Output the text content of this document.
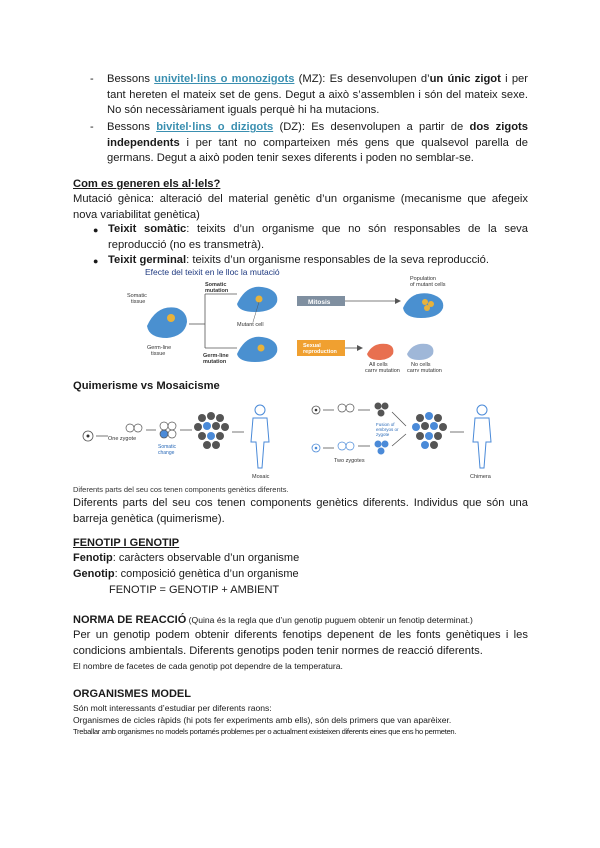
- Bessons univitel·lins o monozigots (MZ): Es desenvolupen d’un únic zigot i per tant hereten el mateix set de gens. Degut a això s’assemblen i són del mateix sexe. No són necessàriament iguals perquè hi ha mutacions.
- Bessons bivitel·lins o dizigots (DZ): Es desenvolupen a partir de dos zigots independents i per tant no comparteixen més gens que qualsevol parella de germans. Degut a això poden tenir sexes diferents i poden no semblar-se.
Com es generen els al·lels?
Mutació gènica: alteració del material genètic d’un organisme (mecanisme que afegeix nova variabilitat genètica)
● Teixit somàtic: teixits d’un organisme que no són responsables de la seva reproducció (no es transmetrà).
● Teixit germinal: teixits d’un organisme responsables de la seva reproducció.
Efecte del teixit en le lloc la mutació
Somatic tissue
Germ-line tissue
Somatic mutation
Germ-line mutation
Mutant cell
Mitosis
Population of mutant cells
Sexual reproduction
All cells carry mutation
No cells carry mutation
Quimerisme vs Mosaicisme
One zygote
Somatic change
Mosaic
Two zygotes
Fusion of embryos or zygote
Chimera
Diferents parts del seu cos tenen components genètics diferents.
Diferents parts del seu cos tenen components genètics diferents. Individus que són una barreja genètica (quimerisme).
FENOTIP I GENOTIP
Fenotip: caràcters observable d’un organisme
Genotip: composició genètica d’un organisme
FENOTIP = GENOTIP + AMBIENT
NORMA DE REACCIÓ (Quina és la regla que d’un genotip puguem obtenir un fenotip determinat.)
Per un genotip podem obtenir diferents fenotips depenent de les fonts genètiques i les condicions ambientals. Diferents genotips poden tenir normes de reacció diferents.
El nombre de facetes de cada genotip pot dependre de la temperatura.
ORGANISMES MODEL
Són molt interessants d’estudiar per diferents raons:
Organismes de cicles ràpids (hi pots fer experiments amb ells), són dels primers que van aparèixer.
Treballar amb organismes no models portarnés problemes per o actualment existeixen diferents eines que ens ho permeten.
